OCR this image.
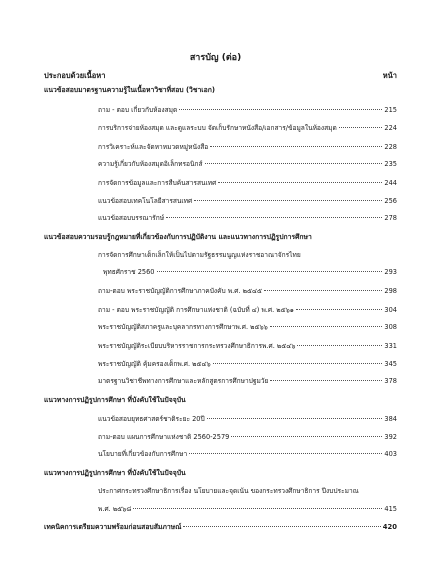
สารบัญ (ต่อ)
ประกอบด้วยเนื้อหา	หน้า
แนวข้อสอบมาตรฐานความรู้ในเนื้อหาวิชาที่สอบ (วิชาเอก)
ถาม - ตอบ เกี่ยวกับห้องสมุด	215
การบริการจ่ายห้องสมุด และดูแลระบบ จัดเก็บรักษาหนังสือ/เอกสาร/ข้อมูลในห้องสมุด	224
การวิเคราะห์และจัดหาหมวดหมู่หนังสือ	228
ความรู้เกี่ยวกับห้องสมุดอิเล็กทรอนิกส์	235
การจัดการข้อมูลและการสืบค้นสารสนเทศ	244
แนวข้อสอบเทคโนโลยีสารสนเทศ	256
แนวข้อสอบบรรณารักษ์	278
แนวข้อสอบความรอบรู้กฎหมายที่เกี่ยวข้องกับการปฏิบัติงาน และแนวทางการปฏิรูปการศึกษา
การจัดการศึกษาเด็กเล็กให้เป็นไปตามรัฐธรรมนูญแห่งราชอาณาจักรไทย
พุทธศักราช 2560	293
ถาม-ตอบ พระราชบัญญัติการศึกษาภาคบังคับ พ.ศ. ๒๕๔๕	298
ถาม - ตอบ พระราชบัญญัติ การศึกษาแห่งชาติ (ฉบับที่ ๔) พ.ศ. ๒๕๖๑	304
พระราชบัญญัติสภาครูและบุคลากรทางการศึกษาพ.ศ. ๒๕๖๖	308
พระราชบัญญัติระเบียบบริหารราชการกระทรวงศึกษาธิการพ.ศ. ๒๕๔๖	331
พระราชบัญญัติ คุ้มครองเด็กพ.ศ. ๒๕๔๖	345
มาตรฐานวิชาชีพทางการศึกษาและหลักสูตรการศึกษาปฐมวัย	378
แนวทางการปฏิรูปการศึกษา ที่บังคับใช้ในปัจจุบัน
แนวข้อสอบยุทธศาสตร์ชาติระยะ 20ปี	384
ถาม-ตอบ แผนการศึกษาแห่งชาติ 2560-2579	392
นโยบายที่เกี่ยวข้องกับการศึกษา	403
แนวทางการปฏิรูปการศึกษา ที่บังคับใช้ในปัจจุบัน
ประกาศกระทรวงศึกษาธิการเรื่อง นโยบายและจุดเน้น ของกระทรวงศึกษาธิการ ปีงบประมาณ
พ.ศ. ๒๕๖๘	415
เทคนิคการเตรียมความพร้อมก่อนสอบสัมภาษณ์	420
